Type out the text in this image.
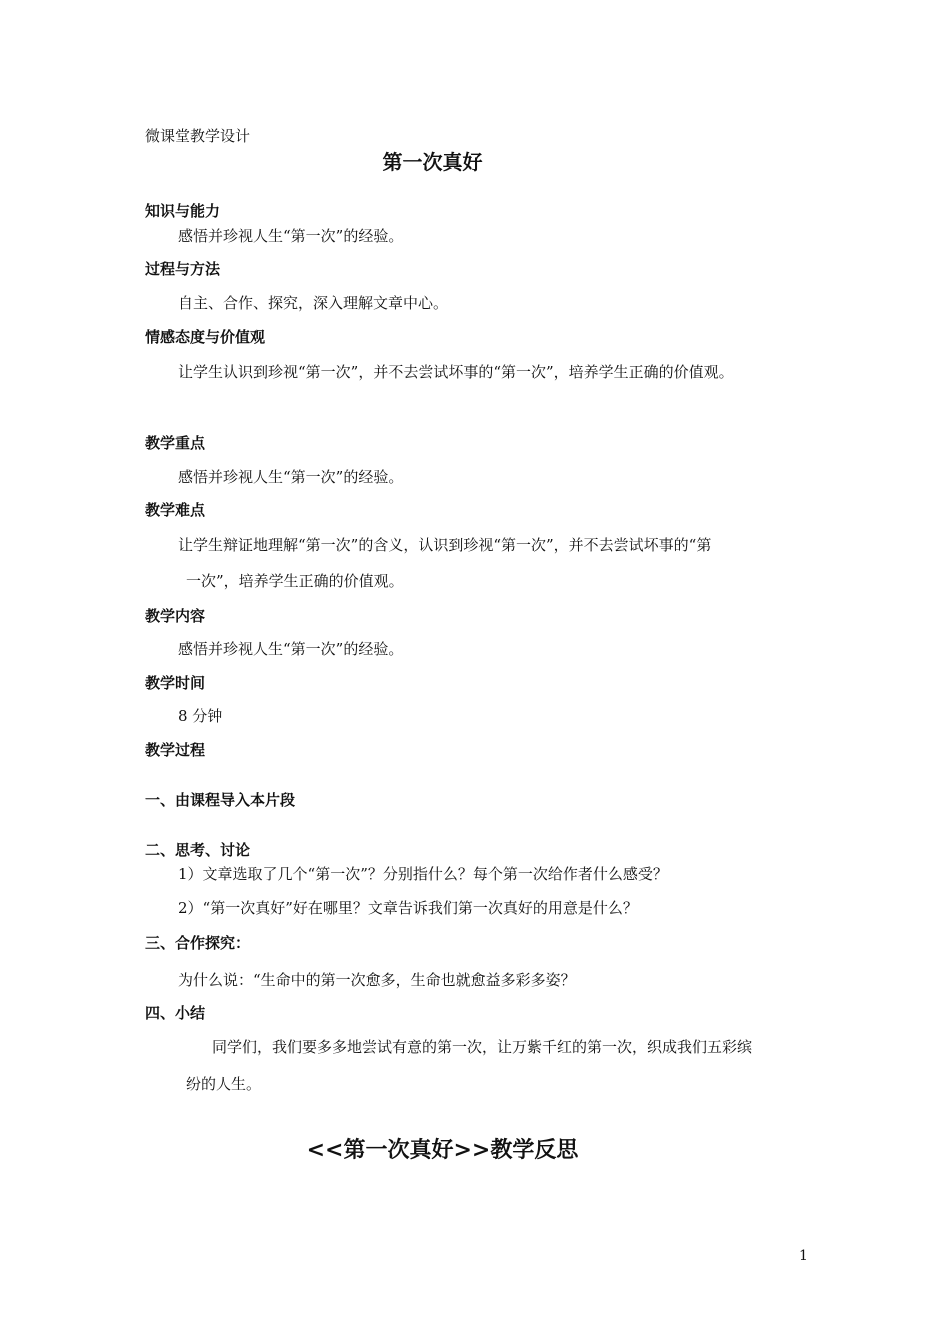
微课堂教学设计
第一次真好
知识与能力
感悟并珍视人生“第一次”的经验。
过程与方法
自主、合作、探究，深入理解文章中心。
情感态度与价值观
让学生认识到珍视“第一次”，并不去尝试坏事的“第一次”，培养学生正确的价值观。
教学重点
感悟并珍视人生“第一次”的经验。
教学难点
让学生辩证地理解“第一次”的含义，认识到珍视“第一次”，并不去尝试坏事的“第
一次”，培养学生正确的价值观。
教学内容
感悟并珍视人生“第一次”的经验。
教学时间
8 分钟
教学过程
一、由课程导入本片段
二、思考、讨论
1）文章选取了几个“第一次”？分别指什么？每个第一次给作者什么感受？
2）“第一次真好”好在哪里？文章告诉我们第一次真好的用意是什么？
三、合作探究：
为什么说：“生命中的第一次愈多，生命也就愈益多彩多姿？
四、小结
同学们，我们要多多地尝试有意的第一次，让万紫千红的第一次，织成我们五彩缤
纷的人生。
<<第一次真好>>教学反思
1
